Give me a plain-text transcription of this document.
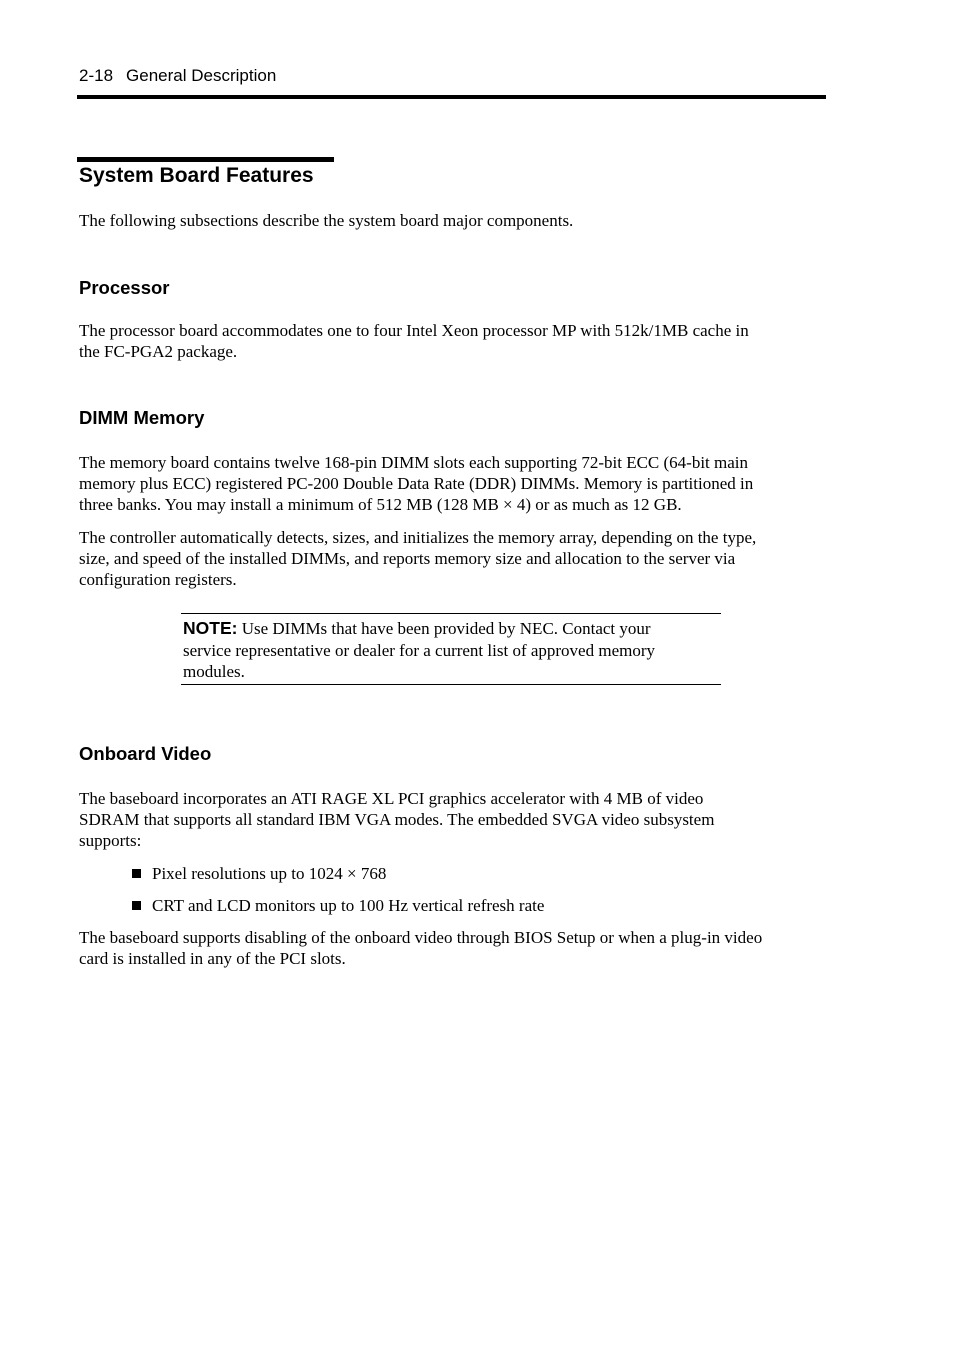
2-18 General Description
System Board Features

The following subsections describe the system board major components.

Processor

The processor board accommodates one to four Intel Xeon processor MP with 512k/1MB cache in
the FC-PGA2 package.

DIMM Memory

The memory board contains twelve 168-pin DIMM slots each supporting 72-bit ECC (64-bit main
memory plus ECC) registered PC-200 Double Data Rate (DDR) DIMMs. Memory is partitioned in
three banks. You may install a minimum of 512 MB (128 MB × 4) or as much as 12 GB.

The controller automatically detects, sizes, and initializes the memory array, depending on the type,
size, and speed of the installed DIMMs, and reports memory size and allocation to the server via
configuration registers.

NOTE: Use DIMMs that have been provided by NEC. Contact your
service representative or dealer for a current list of approved memory
modules.

Onboard Video

The baseboard incorporates an ATI RAGE XL PCI graphics accelerator with 4 MB of video
SDRAM that supports all standard IBM VGA modes. The embedded SVGA video subsystem
supports:

Pixel resolutions up to 1024 × 768

CRT and LCD monitors up to 100 Hz vertical refresh rate

The baseboard supports disabling of the onboard video through BIOS Setup or when a plug-in video
card is installed in any of the PCI slots.
